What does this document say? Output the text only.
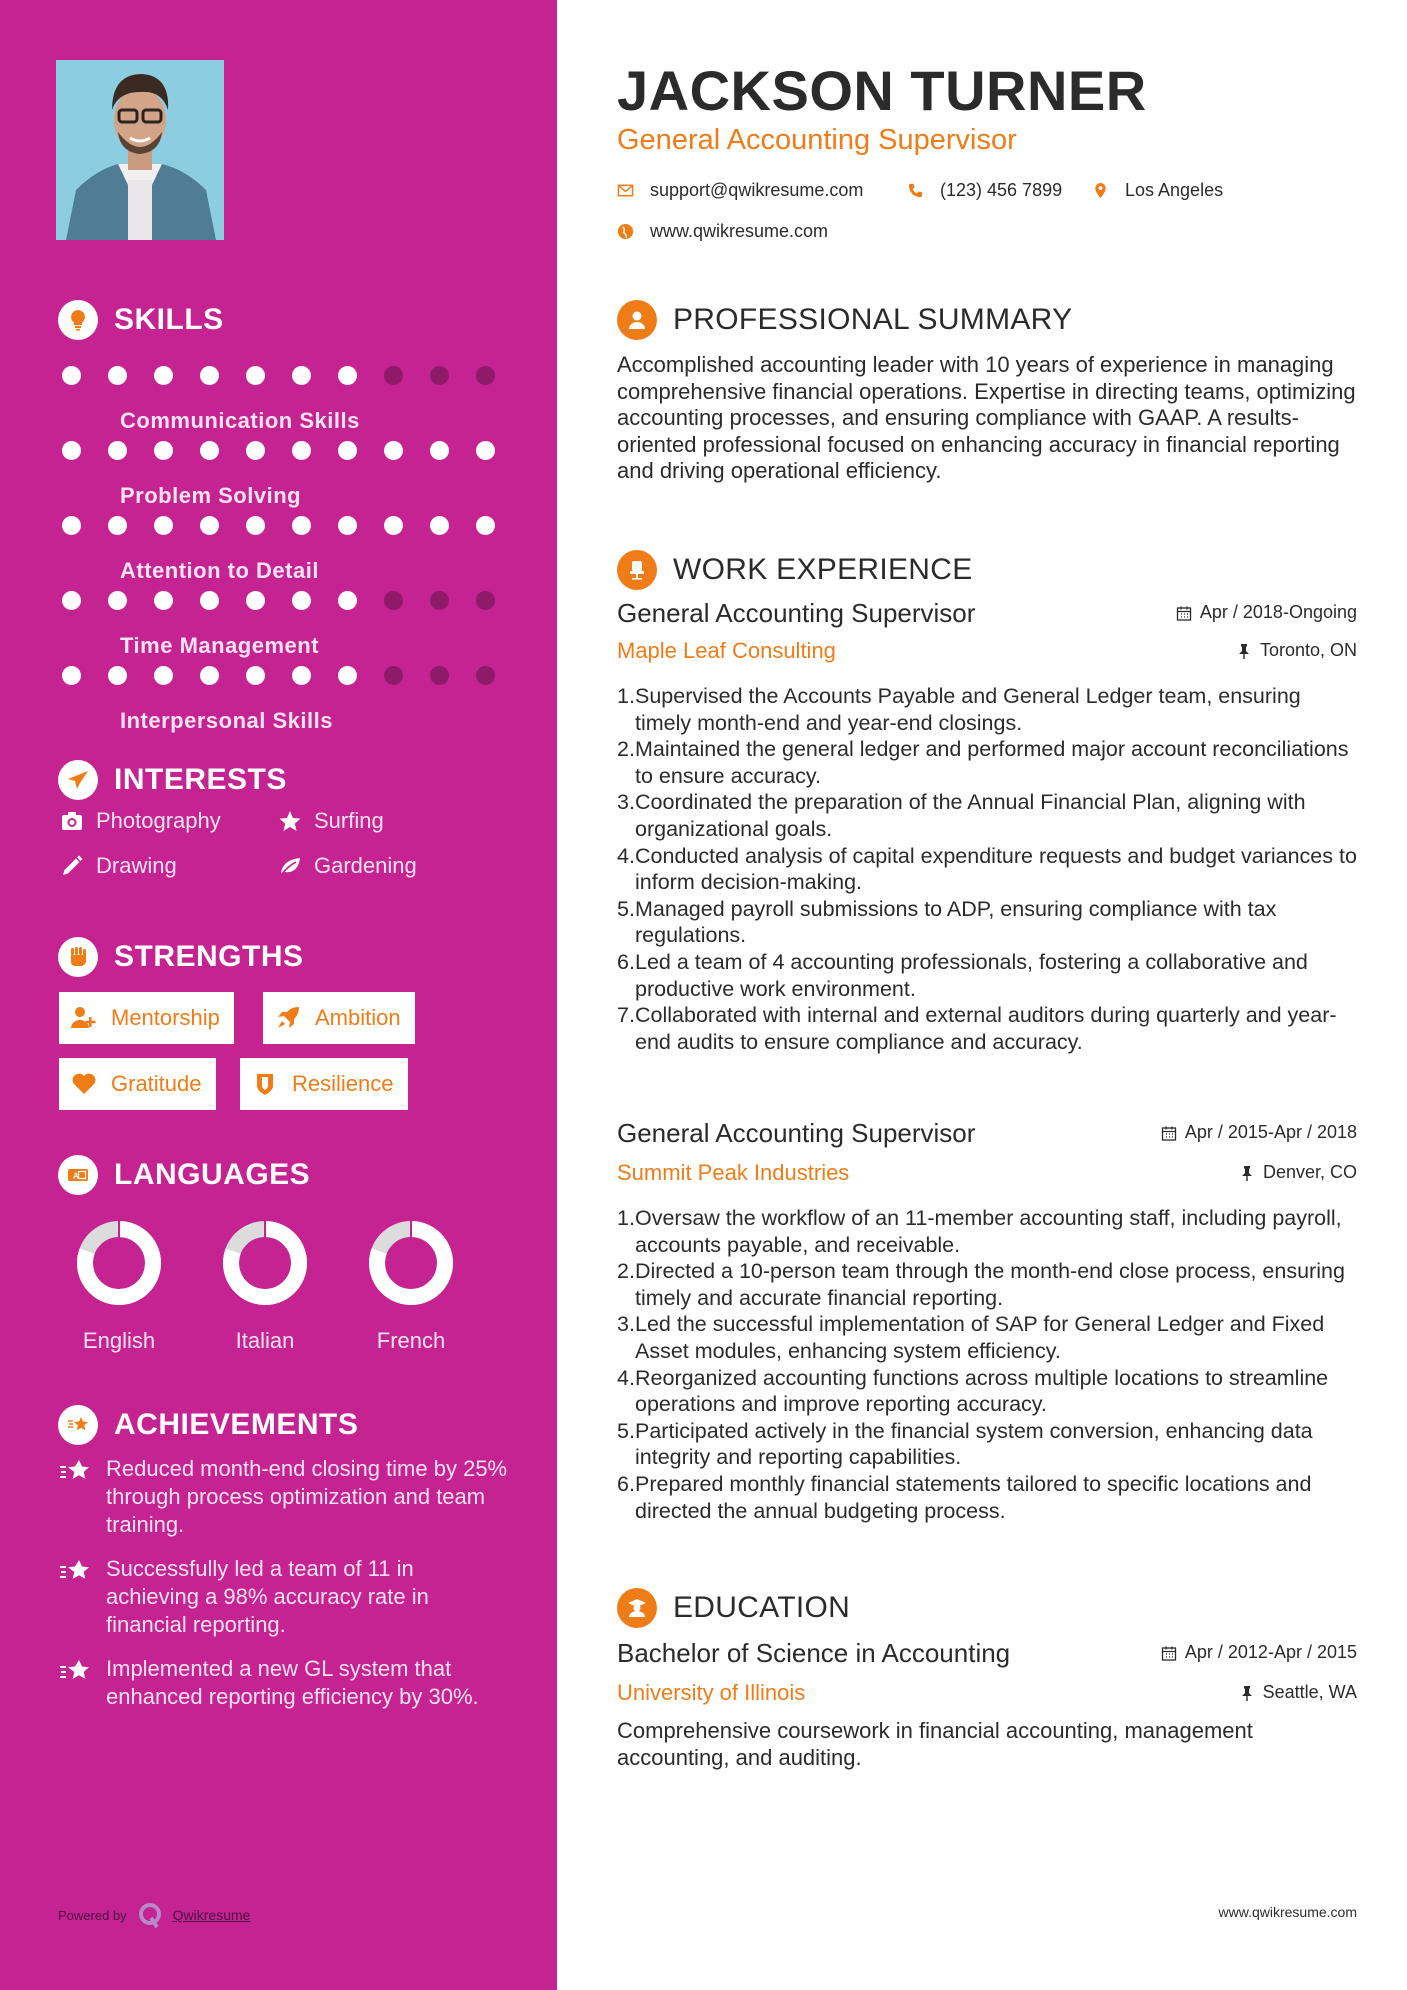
SKILLS
Communication Skills
Problem Solving
Attention to Detail
Time Management
Interpersonal Skills
INTERESTS
Photography	Surfing
Drawing	Gardening
STRENGTHS
Mentorship	Ambition
Gratitude	Resilience
A LANGUAGES
English	Italian	French
ACHIEVEMENTS
Reduced month-end closing time by 25% through process optimization and team training.
Successfully led a team of 11 in achieving a 98% accuracy rate in financial reporting.
Implemented a new GL system that enhanced reporting efficiency by 30%.
Powered by	Qwikresume
JACKSON TURNER
General Accounting Supervisor
support@qwikresume.com	(123) 456 7899	Los Angeles
www.qwikresume.com
PROFESSIONAL SUMMARY

Accomplished accounting leader with 10 years of experience in managing comprehensive financial operations. Expertise in directing teams, optimizing accounting processes, and ensuring compliance with GAAP. A results-oriented professional focused on enhancing accuracy in financial reporting and driving operational efficiency.

WORK EXPERIENCE
General Accounting Supervisor
Maple Leaf Consulting
Apr / 2018-Ongoing
Toronto, ON
1. Supervised the Accounts Payable and General Ledger team, ensuring timely month-end and year-end closings.
2. Maintained the general ledger and performed major account reconciliations to ensure accuracy.
3. Coordinated the preparation of the Annual Financial Plan, aligning with organizational goals.
4. Conducted analysis of capital expenditure requests and budget variances to inform decision-making.
5. Managed payroll submissions to ADP, ensuring compliance with tax regulations.
6. Led a team of 4 accounting professionals, fostering a collaborative and productive work environment.
7. Collaborated with internal and external auditors during quarterly and year-end audits to ensure compliance and accuracy.
General Accounting Supervisor
Summit Peak Industries
Apr / 2015-Apr / 2018
Denver, CO
1. Oversaw the workflow of an 11-member accounting staff, including payroll, accounts payable, and receivable.
2. Directed a 10-person team through the month-end close process, ensuring timely and accurate financial reporting.
3. Led the successful implementation of SAP for General Ledger and Fixed Asset modules, enhancing system efficiency.
4. Reorganized accounting functions across multiple locations to streamline operations and improve reporting accuracy.
5. Participated actively in the financial system conversion, enhancing data integrity and reporting capabilities.
6. Prepared monthly financial statements tailored to specific locations and directed the annual budgeting process.
EDUCATION
Bachelor of Science in Accounting
University of Illinois
Apr / 2012-Apr / 2015
Seattle, WA

Comprehensive coursework in financial accounting, management accounting, and auditing.

www.qwikresume.com
